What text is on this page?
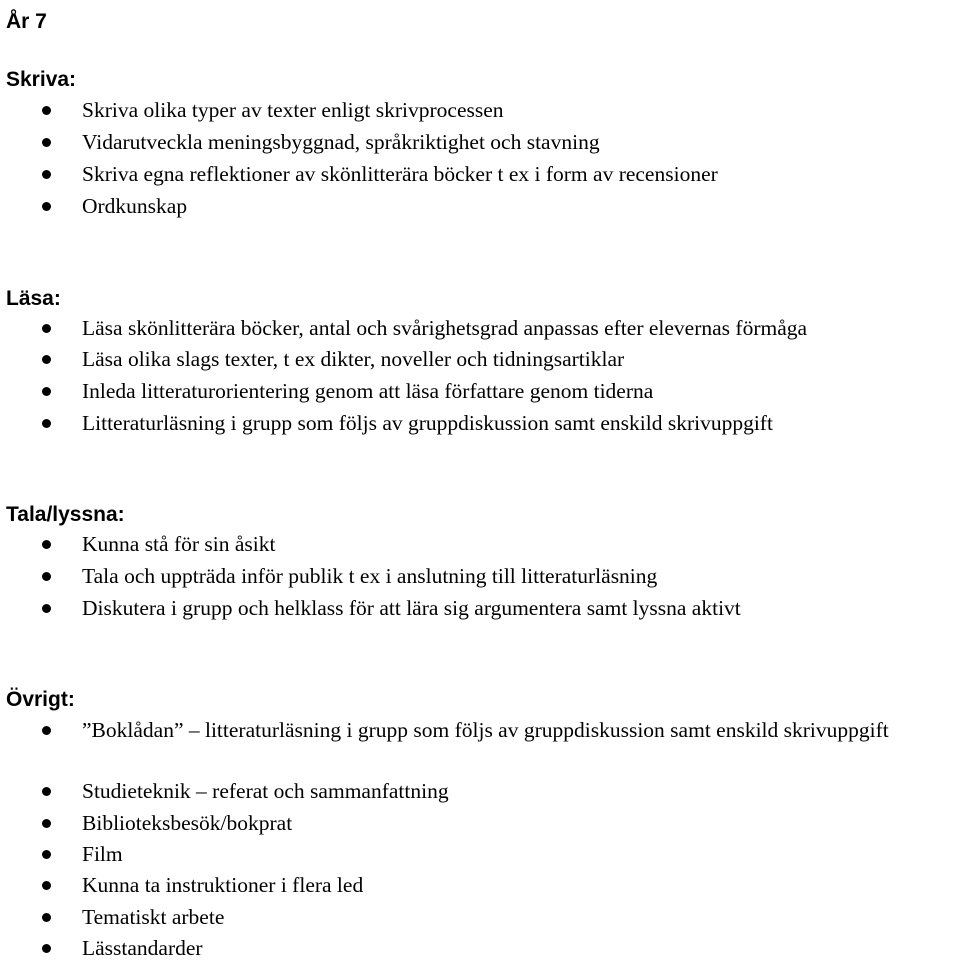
År 7
Skriva:
Skriva olika typer av texter enligt skrivprocessen
Vidarutveckla meningsbyggnad, språkriktighet och stavning
Skriva egna reflektioner av skönlitterära böcker t ex i form av recensioner
Ordkunskap
Läsa:
Läsa skönlitterära böcker, antal och svårighetsgrad anpassas efter elevernas förmåga
Läsa olika slags texter, t ex dikter, noveller och tidningsartiklar
Inleda litteraturorientering genom att läsa författare genom tiderna
Litteraturläsning i grupp som följs av gruppdiskussion samt enskild skrivuppgift
Tala/lyssna:
Kunna stå för sin åsikt
Tala och uppträda inför publik t ex i anslutning till litteraturläsning
Diskutera i grupp och helklass för att lära sig argumentera samt lyssna aktivt
Övrigt:
”Boklådan” – litteraturläsning i grupp som följs av gruppdiskussion samt enskild skrivuppgift
Studieteknik – referat och sammanfattning
Biblioteksbesök/bokprat
Film
Kunna ta instruktioner i flera led
Tematiskt arbete
Lässtandarder
